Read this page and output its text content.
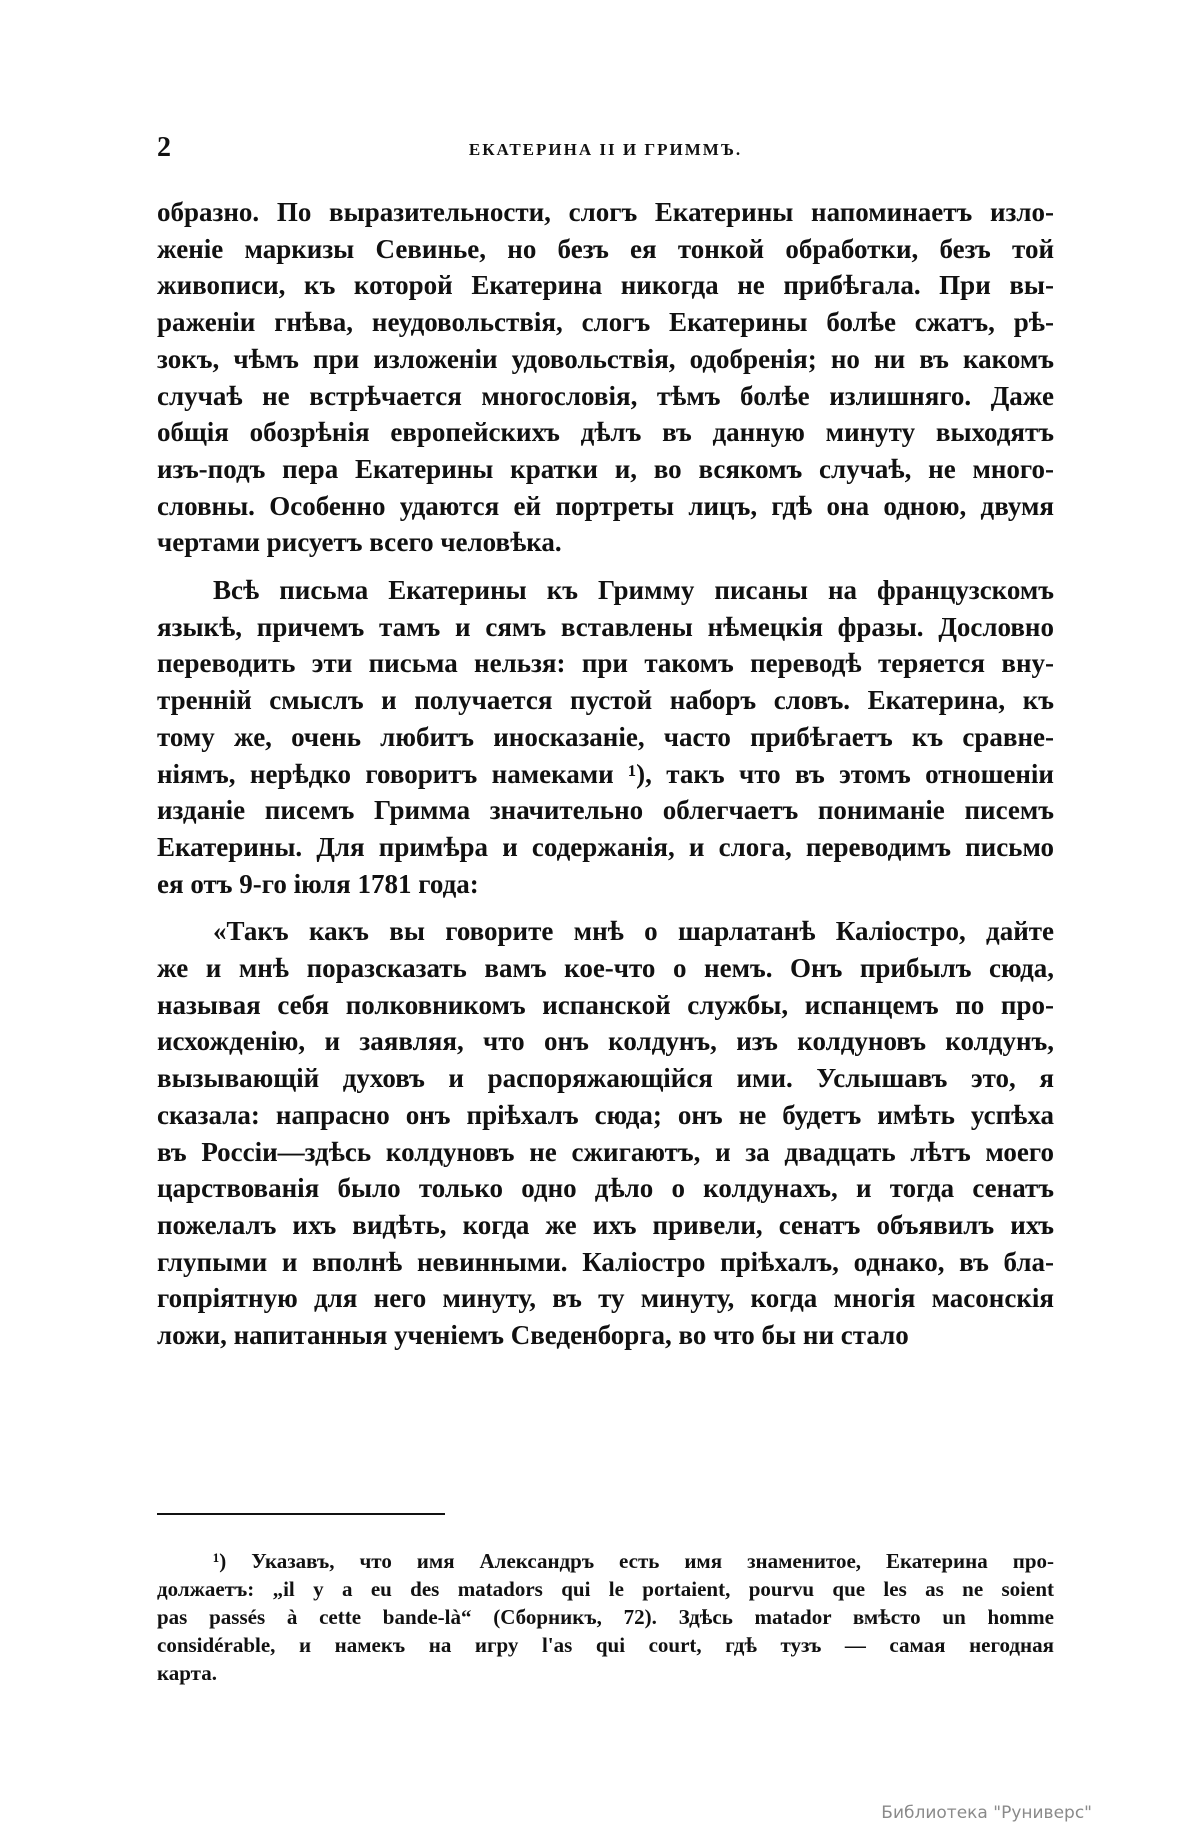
2	ЕКАТЕРИНА II И ГРИММЪ.
образно. По выразительности, слогъ Екатерины напоминаетъ изло-
женіе маркизы Севинье, но безъ ея тонкой обработки, безъ той
живописи, къ которой Екатерина никогда не прибѣгала. При вы-
раженіи гнѣва, неудовольствія, слогъ Екатерины болѣе сжатъ, рѣ-
зокъ, чѣмъ при изложеніи удовольствія, одобренія; но ни въ какомъ
случаѣ не встрѣчается многословія, тѣмъ болѣе излишняго. Даже
общія обозрѣнія европейскихъ дѣлъ въ данную минуту выходятъ
изъ-подъ пера Екатерины кратки и, во всякомъ случаѣ, не много-
словны. Особенно удаются ей портреты лицъ, гдѣ она одною, двумя
чертами рисуетъ всего человѣка.
Всѣ письма Екатерины къ Гримму писаны на французскомъ
языкѣ, причемъ тамъ и сямъ вставлены нѣмецкія фразы. Дословно
переводить эти письма нельзя: при такомъ переводѣ теряется вну-
тренній смыслъ и получается пустой наборъ словъ. Екатерина, къ
тому же, очень любитъ иносказаніе, часто прибѣгаетъ къ сравне-
ніямъ, нерѣдко говоритъ намеками ¹), такъ что въ этомъ отношеніи
изданіе писемъ Гримма значительно облегчаетъ пониманіе писемъ
Екатерины. Для примѣра и содержанія, и слога, переводимъ письмо
ея отъ 9-го іюля 1781 года:
«Такъ какъ вы говорите мнѣ о шарлатанѣ Каліостро, дайте
же и мнѣ поразсказать вамъ кое-что о немъ. Онъ прибылъ сюда,
называя себя полковникомъ испанской службы, испанцемъ по про-
исхожденію, и заявляя, что онъ колдунъ, изъ колдуновъ колдунъ,
вызывающій духовъ и распоряжающійся ими. Услышавъ это, я
сказала: напрасно онъ пріѣхалъ сюда; онъ не будетъ имѣть успѣха
въ Россіи—здѣсь колдуновъ не сжигаютъ, и за двадцать лѣтъ моего
царствованія было только одно дѣло о колдунахъ, и тогда сенатъ
пожелалъ ихъ видѣть, когда же ихъ привели, сенатъ объявилъ ихъ
глупыми и вполнѣ невинными. Каліостро пріѣхалъ, однако, въ бла-
гопріятную для него минуту, въ ту минуту, когда многія масонскія
ложи, напитанныя ученіемъ Сведенборга, во что бы ни стало
¹) Указавъ, что имя Александръ есть имя знаменитое, Екатерина про-
должаетъ: „il y a eu des matadors qui le portaient, pourvu que les as ne soient
pas passés à cette bande-là“ (Сборникъ, 72). Здѣсь matador вмѣсто un homme
considérable, и намекъ на игру l'as qui court, гдѣ тузъ — самая негодная
карта.
Библиотека "Руниверс"
